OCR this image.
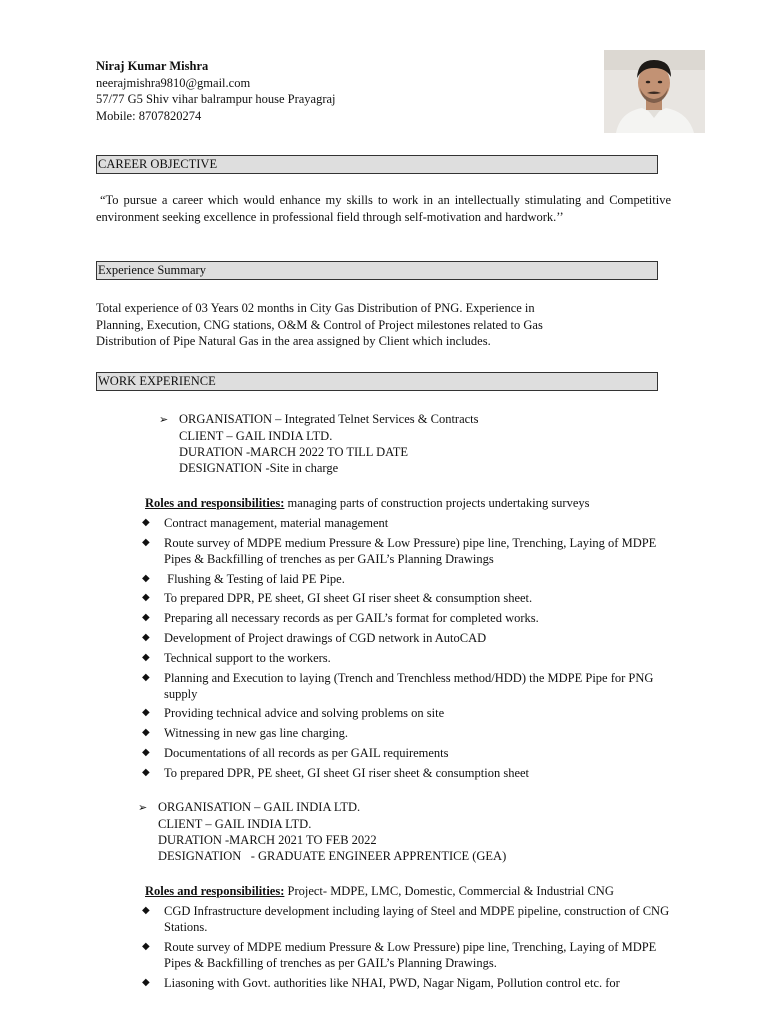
Niraj Kumar Mishra
neerajmishra9810@gmail.com
57/77 G5 Shiv vihar balrampur house Prayagraj
Mobile: 8707820274
CAREER OBJECTIVE
“To pursue a career which would enhance my skills to work in an intellectually stimulating and Competitive environment seeking excellence in professional field through self-motivation and hardwork.’’
Experience Summary
Total experience of 03 Years 02 months in City Gas Distribution of PNG. Experience in
Planning, Execution, CNG stations, O&M & Control of Project milestones related to Gas
Distribution of Pipe Natural Gas in the area assigned by Client which includes.
WORK EXPERIENCE
➢ ORGANISATION – Integrated Telnet Services & Contracts
CLIENT – GAIL INDIA LTD.
DURATION -MARCH 2022 TO TILL DATE
DESIGNATION -Site in charge
Roles and responsibilities: managing parts of construction projects undertaking surveys
◆ Contract management, material management
◆ Route survey of MDPE medium Pressure & Low Pressure) pipe line, Trenching, Laying of MDPE Pipes & Backfilling of trenches as per GAIL’s Planning Drawings
◆ Flushing & Testing of laid PE Pipe.
◆ To prepared DPR, PE sheet, GI sheet GI riser sheet & consumption sheet.
◆ Preparing all necessary records as per GAIL’s format for completed works.
◆ Development of Project drawings of CGD network in AutoCAD
◆ Technical support to the workers.
◆ Planning and Execution to laying (Trench and Trenchless method/HDD) the MDPE Pipe for PNG supply
◆ Providing technical advice and solving problems on site
◆ Witnessing in new gas line charging.
◆ Documentations of all records as per GAIL requirements
◆ To prepared DPR, PE sheet, GI sheet GI riser sheet & consumption sheet
➢ ORGANISATION – GAIL INDIA LTD.
CLIENT – GAIL INDIA LTD.
DURATION -MARCH 2021 TO FEB 2022
DESIGNATION   - GRADUATE ENGINEER APPRENTICE (GEA)
Roles and responsibilities: Project- MDPE, LMC, Domestic, Commercial & Industrial CNG
◆ CGD Infrastructure development including laying of Steel and MDPE pipeline, construction of CNG Stations.
◆ Route survey of MDPE medium Pressure & Low Pressure) pipe line, Trenching, Laying of MDPE Pipes & Backfilling of trenches as per GAIL’s Planning Drawings.
◆ Liasoning with Govt. authorities like NHAI, PWD, Nagar Nigam, Pollution control etc. for
